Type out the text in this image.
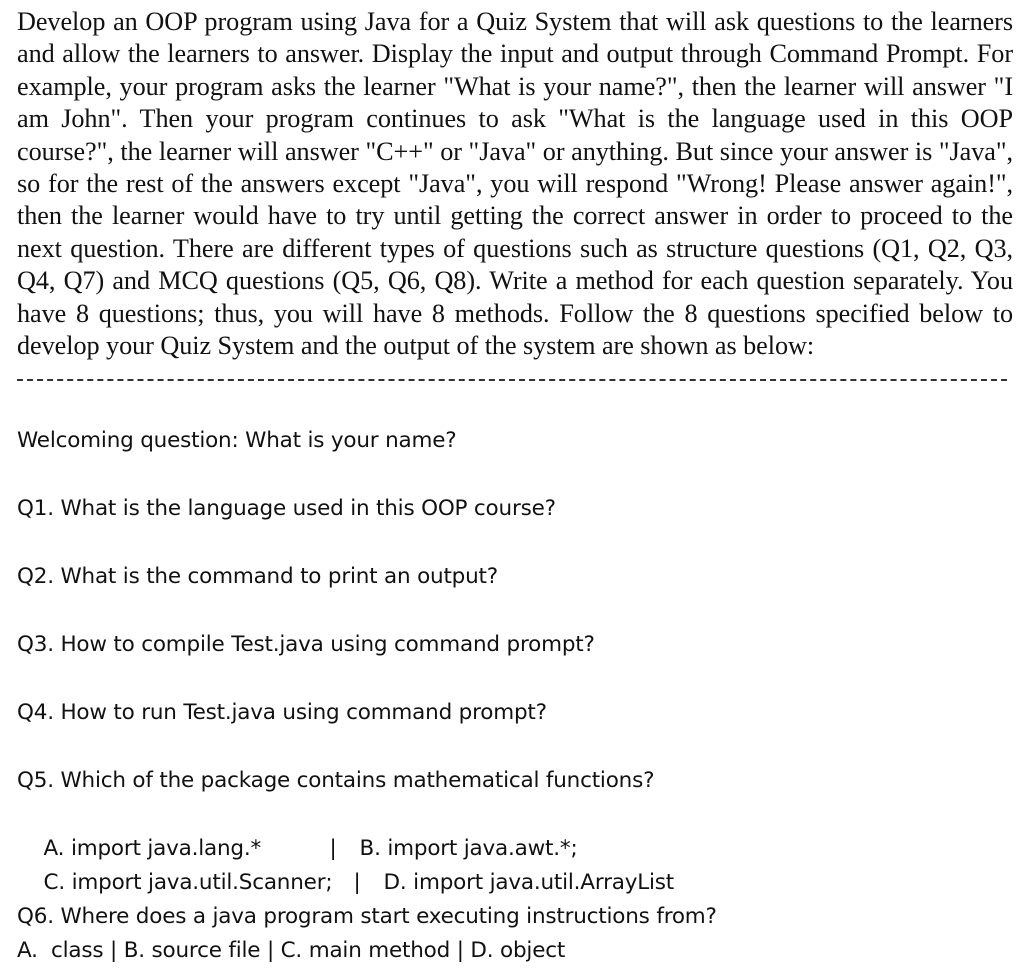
Develop an OOP program using Java for a Quiz System that will ask questions to the learners and allow the learners to answer. Display the input and output through Command Prompt. For example, your program asks the learner "What is your name?", then the learner will answer "I am John". Then your program continues to ask "What is the language used in this OOP course?", the learner will answer "C++" or "Java" or anything. But since your answer is "Java", so for the rest of the answers except "Java", you will respond "Wrong! Please answer again!", then the learner would have to try until getting the correct answer in order to proceed to the next question. There are different types of questions such as structure questions (Q1, Q2, Q3, Q4, Q7) and MCQ questions (Q5, Q6, Q8). Write a method for each question separately. You have 8 questions; thus, you will have 8 methods. Follow the 8 questions specified below to develop your Quiz System and the output of the system are shown as below:

Welcoming question: What is your name?
Q1. What is the language used in this OOP course?
Q2. What is the command to print an output?
Q3. How to compile Test.java using command prompt?
Q4. How to run Test.java using command prompt?
Q5. Which of the package contains mathematical functions?

A. import java.lang.*	| B. import java.awt.*;

C. import java.util.Scanner; | D. import java.util.ArrayList

Q6. Where does a java program start executing instructions from?
A.  class | B. source file | C. main method | D. object
